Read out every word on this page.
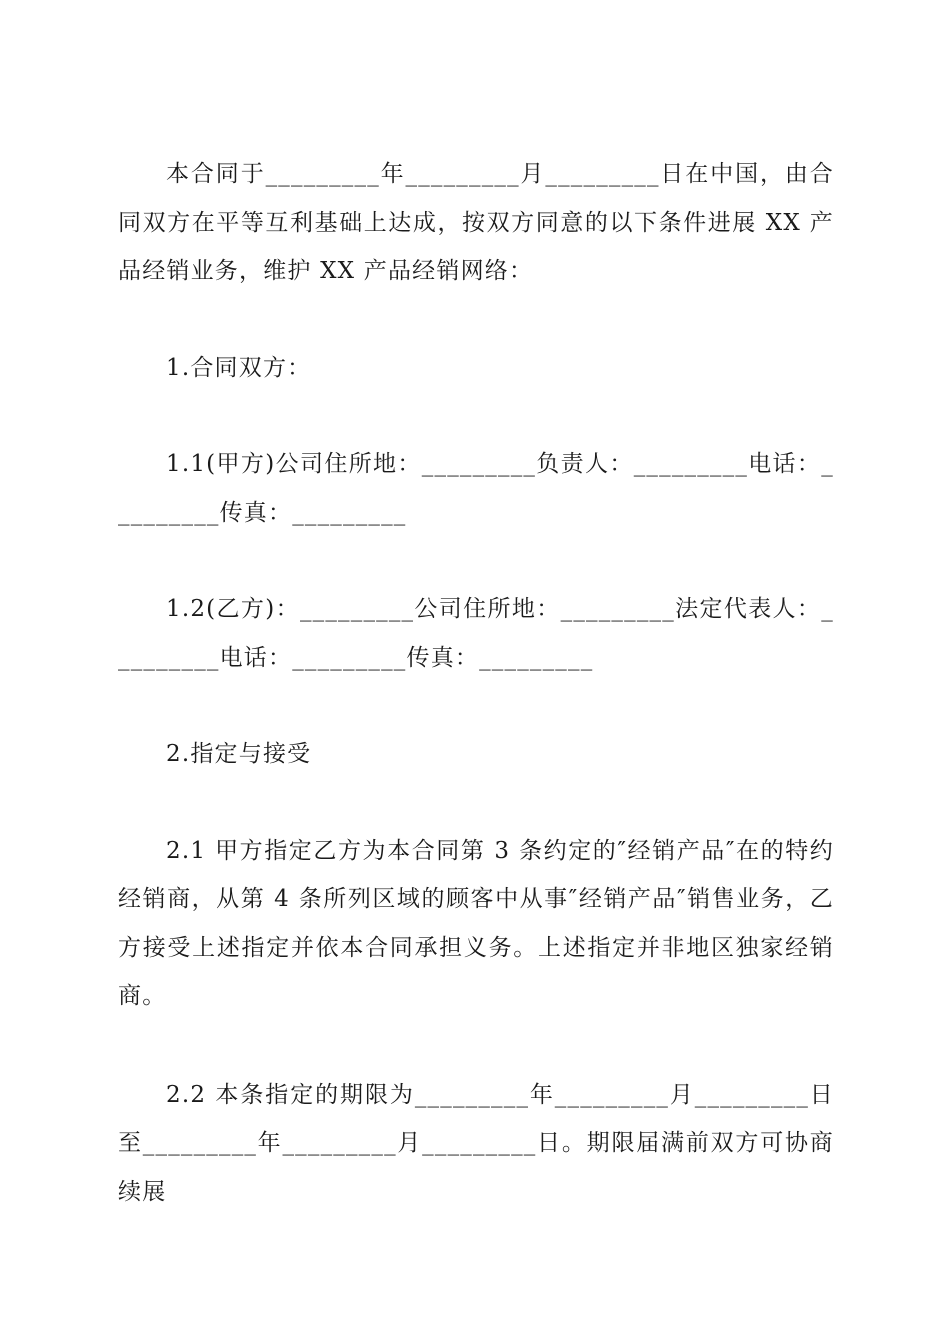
本合同于_________年_________月_________日在中国，由合同双方在平等互利基础上达成，按双方同意的以下条件进展 XX 产品经销业务，维护 XX 产品经销网络：

1.合同双方：

1.1(甲方)公司住所地：_________负责人：_________电话：_________传真：_________

1.2(乙方)：_________公司住所地：_________法定代表人：_________电话：_________传真：_________

2.指定与接受

2.1 甲方指定乙方为本合同第 3 条约定的″经销产品″在的特约经销商，从第 4 条所列区域的顾客中从事″经销产品″销售业务，乙方接受上述指定并依本合同承担义务。上述指定并非地区独家经销商。

2.2 本条指定的期限为_________年_________月_________日至_________年_________月_________日。期限届满前双方可协商续展
